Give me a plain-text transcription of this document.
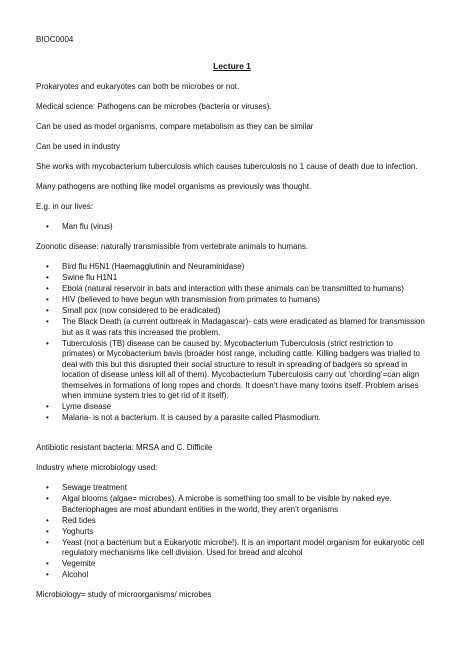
BIOC0004
Lecture 1

Prokaryotes and eukaryotes can both be microbes or not.

Medical science: Pathogens can be microbes (bacteria or viruses).

Can be used as model organisms, compare metabolism as they can be similar

Can be used in industry

She works with mycobacterium tuberculosis which causes tuberculosis no 1 cause of death due to infection.

Many pathogens are nothing like model organisms as previously was thought.

E.g. in our lives:

• Man flu (virus)

Zoonotic disease: naturally transmissible from vertebrate animals to humans.

• Bird flu H5N1 (Haemagglutinin and Neuraminidase)
• Swine flu H1N1
• Ebola (natural reservoir in bats and interaction with these animals can be transmitted to humans)
• HIV (believed to have begun with transmission from primates to humans)
• Small pox (now considered to be eradicated)
• The Black Death (a current outbreak in Madagascar)- cats were eradicated as blamed for transmission but as it was rats this increased the problem.
• Tuberculosis (TB) disease can be caused by: Mycobacterium Tuberculosis (strict restriction to primates) or Mycobacterium bavis (broader host range, including cattle. Killing badgers was trialled to deal with this but this disrupted their social structure to result in spreading of badgers so spread in location of disease unless kill all of them). Mycobacterium Tuberculosis carry out ‘chording’=can align themselves in formations of long ropes and chords. It doesn’t have many toxins itself. Problem arises when immune system tries to get rid of it itself).
• Lyme disease
• Malaria- is not a bacterium. It is caused by a parasite called Plasmodium.

Antibiotic resistant bacteria: MRSA and C. Difficile

Industry where microbiology used:

• Sewage treatment
• Algal blooms (algae= microbes). A microbe is something too small to be visible by naked eye. Bacteriophages are most abundant entities in the world, they aren’t organisms
• Red tides
• Yoghurts
• Yeast (not a bacterium but a Eukaryotic microbe!). It is an important model organism for eukaryotic cell regulatory mechanisms like cell division. Used for bread and alcohol
• Vegemite
• Alcohol

Microbiology= study of microorganisms/ microbes
